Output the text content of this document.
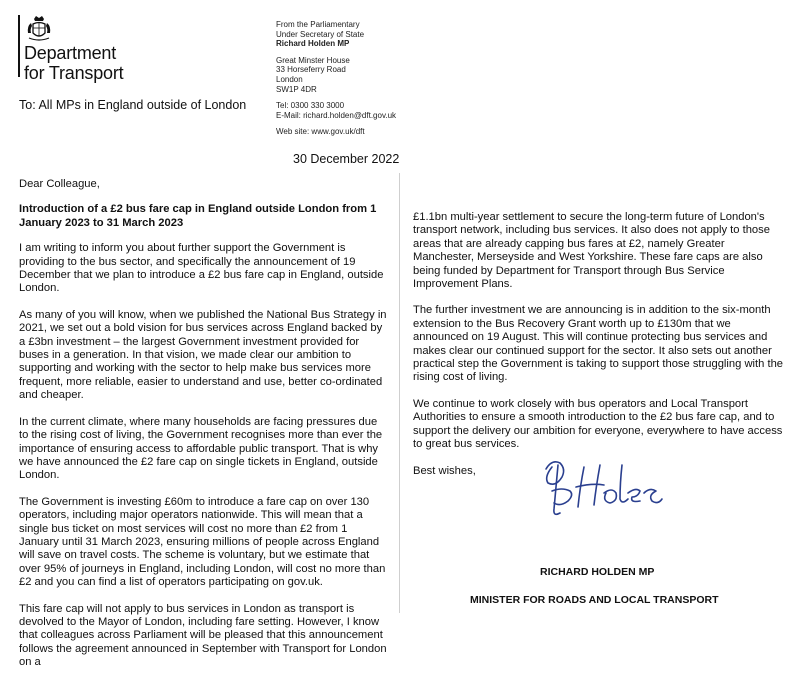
Department
for Transport
To: All MPs in England outside of London
From the Parliamentary
Under Secretary of State
Richard Holden MP
Great Minster House
33 Horseferry Road
London
SW1P 4DR
Tel: 0300 330 3000
E-Mail: richard.holden@dft.gov.uk
Web site: www.gov.uk/dft
30 December 2022

Dear Colleague,

Introduction of a £2 bus fare cap in England outside London from 1 January 2023 to 31 March 2023

I am writing to inform you about further support the Government is providing to the bus sector, and specifically the announcement of 19 December that we plan to introduce a £2 bus fare cap in England, outside London.

As many of you will know, when we published the National Bus Strategy in 2021, we set out a bold vision for bus services across England backed by a £3bn investment – the largest Government investment provided for buses in a generation. In that vision, we made clear our ambition to supporting and working with the sector to help make bus services more frequent, more reliable, easier to understand and use, better co-ordinated and cheaper.

In the current climate, where many households are facing pressures due to the rising cost of living, the Government recognises more than ever the importance of ensuring access to affordable public transport. That is why we have announced the £2 fare cap on single tickets in England, outside London.

The Government is investing £60m to introduce a fare cap on over 130 operators, including major operators nationwide. This will mean that a single bus ticket on most services will cost no more than £2 from 1 January until 31 March 2023, ensuring millions of people across England will save on travel costs. The scheme is voluntary, but we estimate that over 95% of journeys in England, including London, will cost no more than £2 and you can find a list of operators participating on gov.uk.

This fare cap will not apply to bus services in London as transport is devolved to the Mayor of London, including fare setting. However, I know that colleagues across Parliament will be pleased that this announcement follows the agreement announced in September with Transport for London on a

£1.1bn multi-year settlement to secure the long-term future of London's transport network, including bus services. It also does not apply to those areas that are already capping bus fares at £2, namely Greater Manchester, Merseyside and West Yorkshire. These fare caps are also being funded by Department for Transport through Bus Service Improvement Plans.

The further investment we are announcing is in addition to the six-month extension to the Bus Recovery Grant worth up to £130m that we announced on 19 August. This will continue protecting bus services and makes clear our continued support for the sector. It also sets out another practical step the Government is taking to support those struggling with the rising cost of living.

We continue to work closely with bus operators and Local Transport Authorities to ensure a smooth introduction to the £2 bus fare cap, and to support the delivery our ambition for everyone, everywhere to have access to great bus services.

Best wishes,

RICHARD HOLDEN MP
MINISTER FOR ROADS AND LOCAL TRANSPORT
